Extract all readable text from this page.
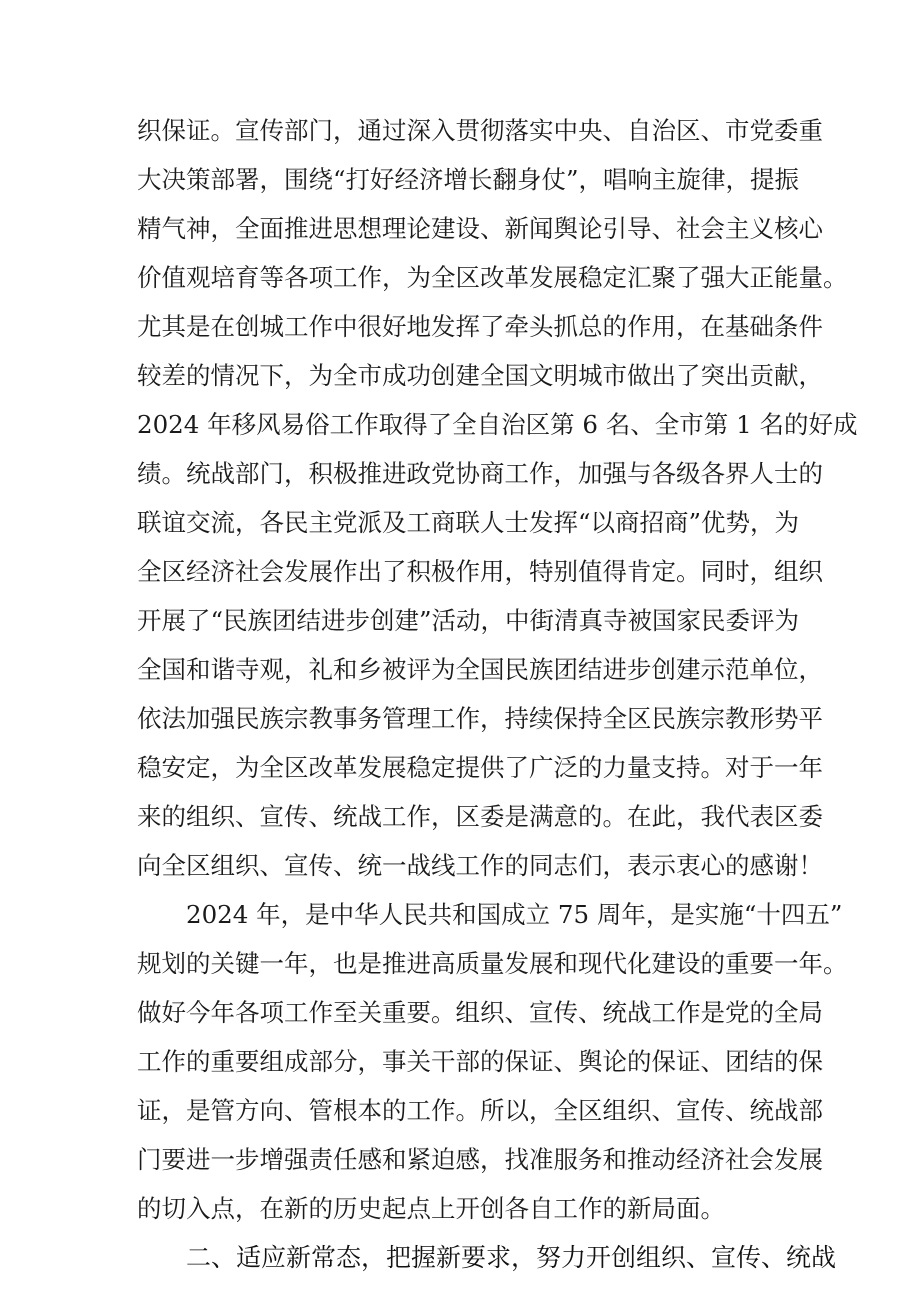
织保证。宣传部门，通过深入贯彻落实中央、自治区、市党委重
大决策部署，围绕“打好经济增长翻身仗”，唱响主旋律，提振
精气神，全面推进思想理论建设、新闻舆论引导、社会主义核心
价值观培育等各项工作，为全区改革发展稳定汇聚了强大正能量。
尤其是在创城工作中很好地发挥了牵头抓总的作用，在基础条件
较差的情况下，为全市成功创建全国文明城市做出了突出贡献，
2024 年移风易俗工作取得了全自治区第 6 名、全市第 1 名的好成
绩。统战部门，积极推进政党协商工作，加强与各级各界人士的
联谊交流，各民主党派及工商联人士发挥“以商招商”优势，为
全区经济社会发展作出了积极作用，特别值得肯定。同时，组织
开展了“民族团结进步创建”活动，中街清真寺被国家民委评为
全国和谐寺观，礼和乡被评为全国民族团结进步创建示范单位，
依法加强民族宗教事务管理工作，持续保持全区民族宗教形势平
稳安定，为全区改革发展稳定提供了广泛的力量支持。对于一年
来的组织、宣传、统战工作，区委是满意的。在此，我代表区委
向全区组织、宣传、统一战线工作的同志们，表示衷心的感谢！
2024 年，是中华人民共和国成立 75 周年，是实施“十四五”
规划的关键一年，也是推进高质量发展和现代化建设的重要一年。
做好今年各项工作至关重要。组织、宣传、统战工作是党的全局
工作的重要组成部分，事关干部的保证、舆论的保证、团结的保
证，是管方向、管根本的工作。所以，全区组织、宣传、统战部
门要进一步增强责任感和紧迫感，找准服务和推动经济社会发展
的切入点，在新的历史起点上开创各自工作的新局面。
二、适应新常态，把握新要求，努力开创组织、宣传、统战
